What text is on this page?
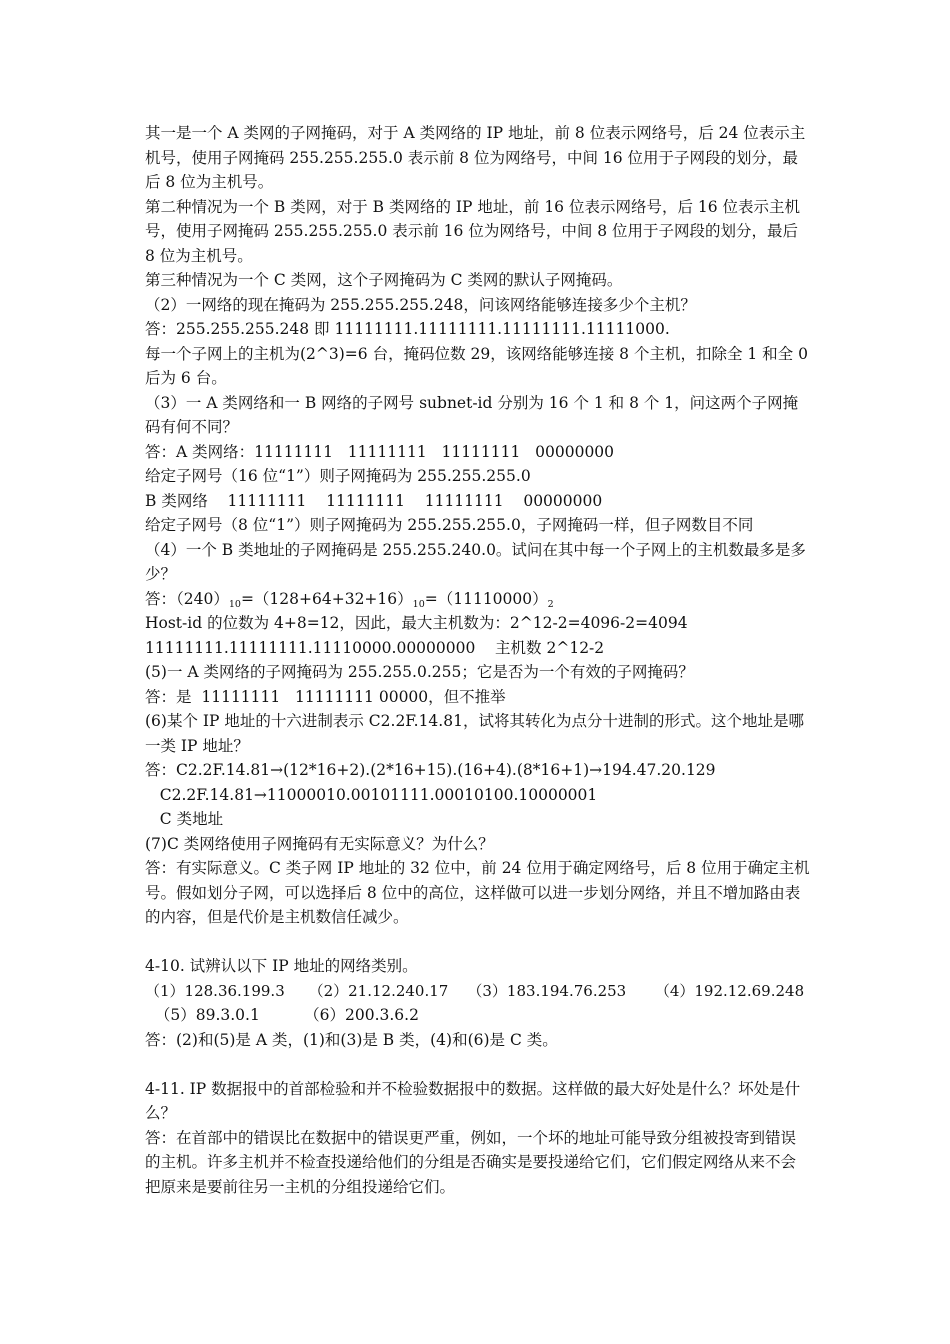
其一是一个 A 类网的子网掩码，对于 A 类网络的 IP 地址，前 8 位表示网络号，后 24 位表示主机号，使用子网掩码 255.255.255.0 表示前 8 位为网络号，中间 16 位用于子网段的划分，最后 8 位为主机号。

第二种情况为一个 B 类网，对于 B 类网络的 IP 地址，前 16 位表示网络号，后 16 位表示主机号，使用子网掩码 255.255.255.0 表示前 16 位为网络号，中间 8 位用于子网段的划分，最后 8 位为主机号。

第三种情况为一个 C 类网，这个子网掩码为 C 类网的默认子网掩码。

（2）一网络的现在掩码为 255.255.255.248，问该网络能够连接多少个主机？

答：255.255.255.248 即 11111111.11111111.11111111.11111000.

每一个子网上的主机为(2^3)=6 台，掩码位数 29，该网络能够连接 8 个主机，扣除全 1 和全 0 后为 6 台。

（3）一 A 类网络和一 B 网络的子网号 subnet-id 分别为 16 个 1 和 8 个 1，问这两个子网掩码有何不同？

答：A 类网络：11111111   11111111   11111111   00000000

给定子网号（16 位“1”）则子网掩码为 255.255.255.0

B 类网络    11111111    11111111    11111111    00000000

给定子网号（8 位“1”）则子网掩码为 255.255.255.0，子网掩码一样，但子网数目不同

（4）一个 B 类地址的子网掩码是 255.255.240.0。试问在其中每一个子网上的主机数最多是多少？

答：$(240)_{10}=(128+64+32+16)_{10}=(11110000)_2$

Host-id 的位数为 4+8=12，因此，最大主机数为：2^12-2=4096-2=4094

11111111.11111111.11110000.00000000    主机数 2^12-2

(5)一 A 类网络的子网掩码为 255.255.0.255；它是否为一个有效的子网掩码？

答：是  11111111   11111111 00000，但不推举

(6)某个 IP 地址的十六进制表示 C2.2F.14.81，试将其转化为点分十进制的形式。这个地址是哪一类 IP 地址？

答：C2.2F.14.81→(12*16+2).(2*16+15).(16+4).(8*16+1)→194.47.20.129

C2.2F.14.81→11000010.00101111.00010100.10000001

C 类地址

(7)C 类网络使用子网掩码有无实际意义？为什么？

答：有实际意义。C 类子网 IP 地址的 32 位中，前 24 位用于确定网络号，后 8 位用于确定主机号。假如划分子网，可以选择后 8 位中的高位，这样做可以进一步划分网络，并且不增加路由表的内容，但是代价是主机数信任减少。

4-10. 试辨认以下 IP 地址的网络类别。

（1）128.36.199.3     （2）21.12.240.17    （3）183.194.76.253      （4）192.12.69.248

（5）89.3.0.1         （6）200.3.6.2

答：(2)和(5)是 A 类，(1)和(3)是 B 类，(4)和(6)是 C 类。

4-11. IP 数据报中的首部检验和并不检验数据报中的数据。这样做的最大好处是什么？坏处是什么？

答：在首部中的错误比在数据中的错误更严重，例如，一个坏的地址可能导致分组被投寄到错误的主机。许多主机并不检查投递给他们的分组是否确实是要投递给它们，它们假定网络从来不会把原来是要前往另一主机的分组投递给它们。
